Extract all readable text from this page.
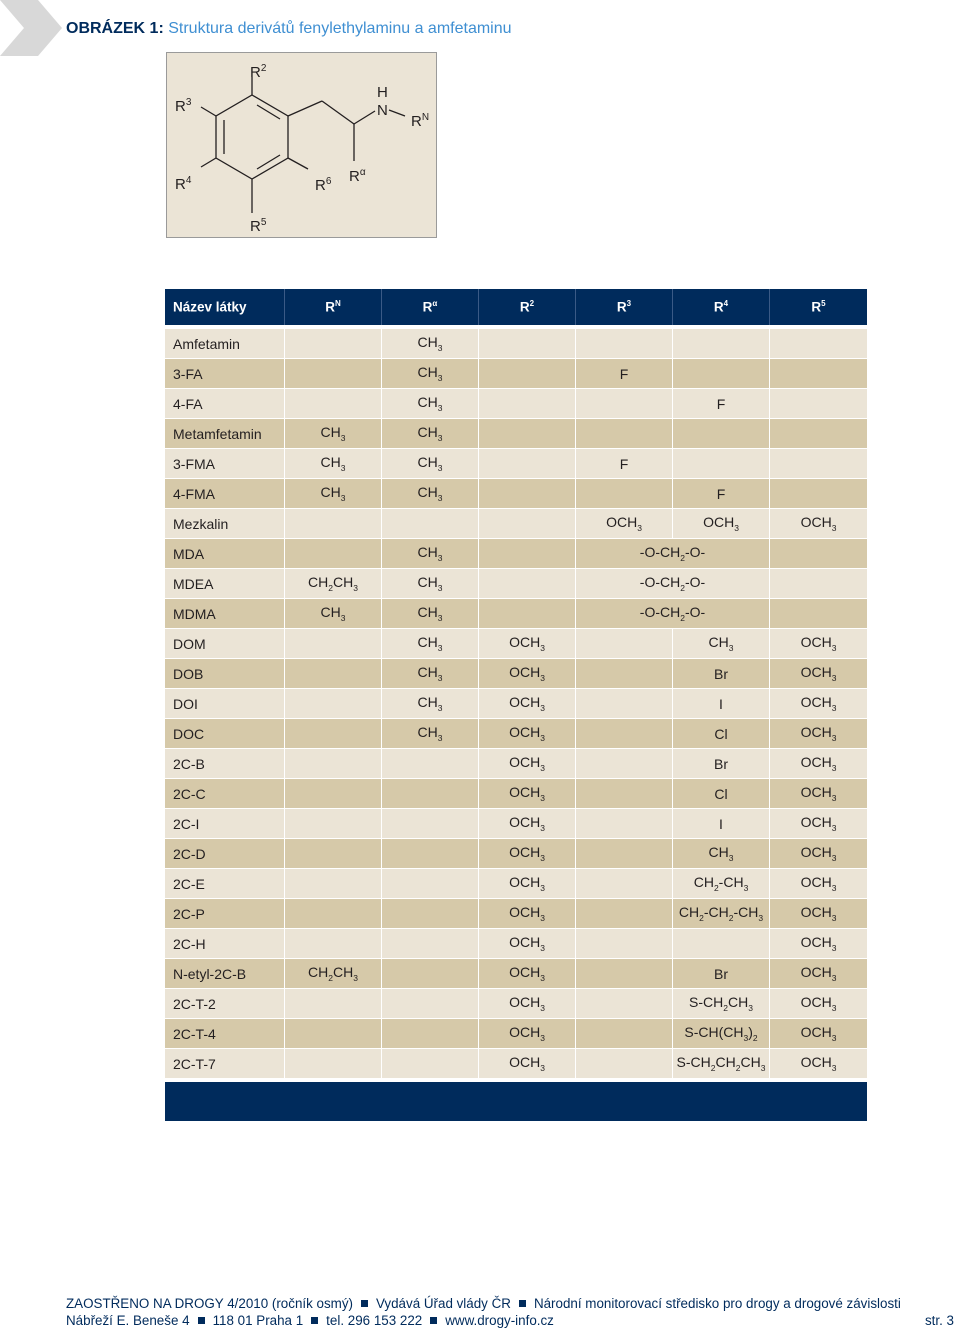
OBRÁZEK 1: Struktura derivátů fenylethylaminu a amfetaminu
$R^2$
$R^3$
$R^4$
$R^5$
$R^6$ $R^\alpha$
H
N
$R^N$
Název látky	$R^N$	$R^\alpha$	$R^2$	$R^3$	$R^4$	$R^5$

Amfetamin		$CH_3$				
3-FA		$CH_3$		F		
4-FA		$CH_3$			F	
Metamfetamin	$CH_3$	$CH_3$				
3-FMA	$CH_3$	$CH_3$		F		
4-FMA	$CH_3$	$CH_3$			F	
Mezkalin				$OCH_3$	$OCH_3$	$OCH_3$
MDA		$CH_3$		$-O-CH_2-O-$		
MDEA	$CH_2CH_3$	$CH_3$		$-O-CH_2-O-$		
MDMA	$CH_3$	$CH_3$		$-O-CH_2-O-$		
DOM		$CH_3$	$OCH_3$		$CH_3$	$OCH_3$
DOB		$CH_3$	$OCH_3$		Br	$OCH_3$
DOI		$CH_3$	$OCH_3$		I	$OCH_3$
DOC		$CH_3$	$OCH_3$		Cl	$OCH_3$
2C-B			$OCH_3$		Br	$OCH_3$
2C-C			$OCH_3$		Cl	$OCH_3$
2C-I			$OCH_3$		I	$OCH_3$
2C-D			$OCH_3$		$CH_3$	$OCH_3$
2C-E			$OCH_3$		$CH_2-CH_3$	$OCH_3$
2C-P			$OCH_3$		$CH_2-CH_2-CH_3$	$OCH_3$
2C-H			$OCH_3$			$OCH_3$
N-etyl-2C-B	$CH_2CH_3$		$OCH_3$		Br	$OCH_3$
2C-T-2			$OCH_3$		$S-CH_2CH_3$	$OCH_3$
2C-T-4			$OCH_3$		$S-CH(CH_3)_2$	$OCH_3$
2C-T-7			$OCH_3$		$S-CH_2CH_2CH_3$	$OCH_3$
ZAOSTŘENO NA DROGY 4/2010 (ročník osmý) Vydává Úřad vlády ČR Národní monitorovací středisko pro drogy a drogové závislosti
Nábřeží E. Beneše 4 118 01 Praha 1 tel. 296 153 222 www.drogy-info.cz	str. 3
